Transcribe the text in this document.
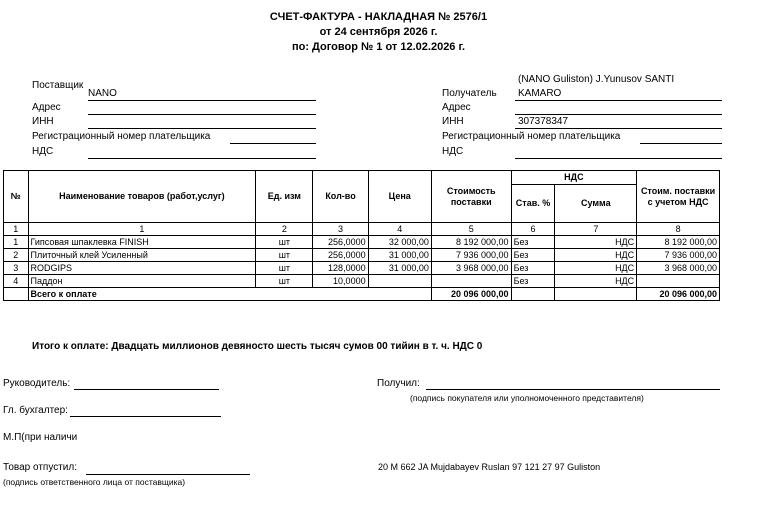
СЧЕТ-ФАКТУРА - НАКЛАДНАЯ № 2576/1
от 24 сентября 2026 г.
по: Договор № 1 от 12.02.2026 г.
Поставщик
NANO
Адрес
ИНН
Регистрационный номер плательщика
НДС
(NANO Guliston) J.Yunusov SANTI
Получатель KAMARO
Адрес
ИНН	307378347
Регистрационный номер плательщика
НДС
№	Наименование товаров (работ,услуг)	Ед. изм	Кол-во	Цена	Стоимость поставки	НДС		Стоим. поставки с учетом НДС
						Став. %	Сумма	
1	1	2	3	4	5	6	7	8
1	Гипсовая шпаклевка FINISH	шт	256,0000	32 000,00	8 192 000,00	Без	НДС	8 192 000,00
2	Плиточный клей Усиленный	шт	256,0000	31 000,00	7 936 000,00	Без	НДС	7 936 000,00
3	RODGIPS	шт	128,0000	31 000,00	3 968 000,00	Без	НДС	3 968 000,00
4	Паддон	шт	10,0000			Без	НДС	
	Всего к оплате				20 096 000,00			20 096 000,00
Итого к оплате: Двадцать миллионов девяносто шесть тысяч сумов 00 тийин в т. ч. НДС 0
Руководитель:	Получил:
(подпись покупателя или уполномоченного представителя)
Гл. бухгалтер:
М.П(при наличи
Товар отпустил:
(подпись ответственного лица от поставщика)
20 M 662 JA Mujdabayev Ruslan 97 121 27 97 Guliston
